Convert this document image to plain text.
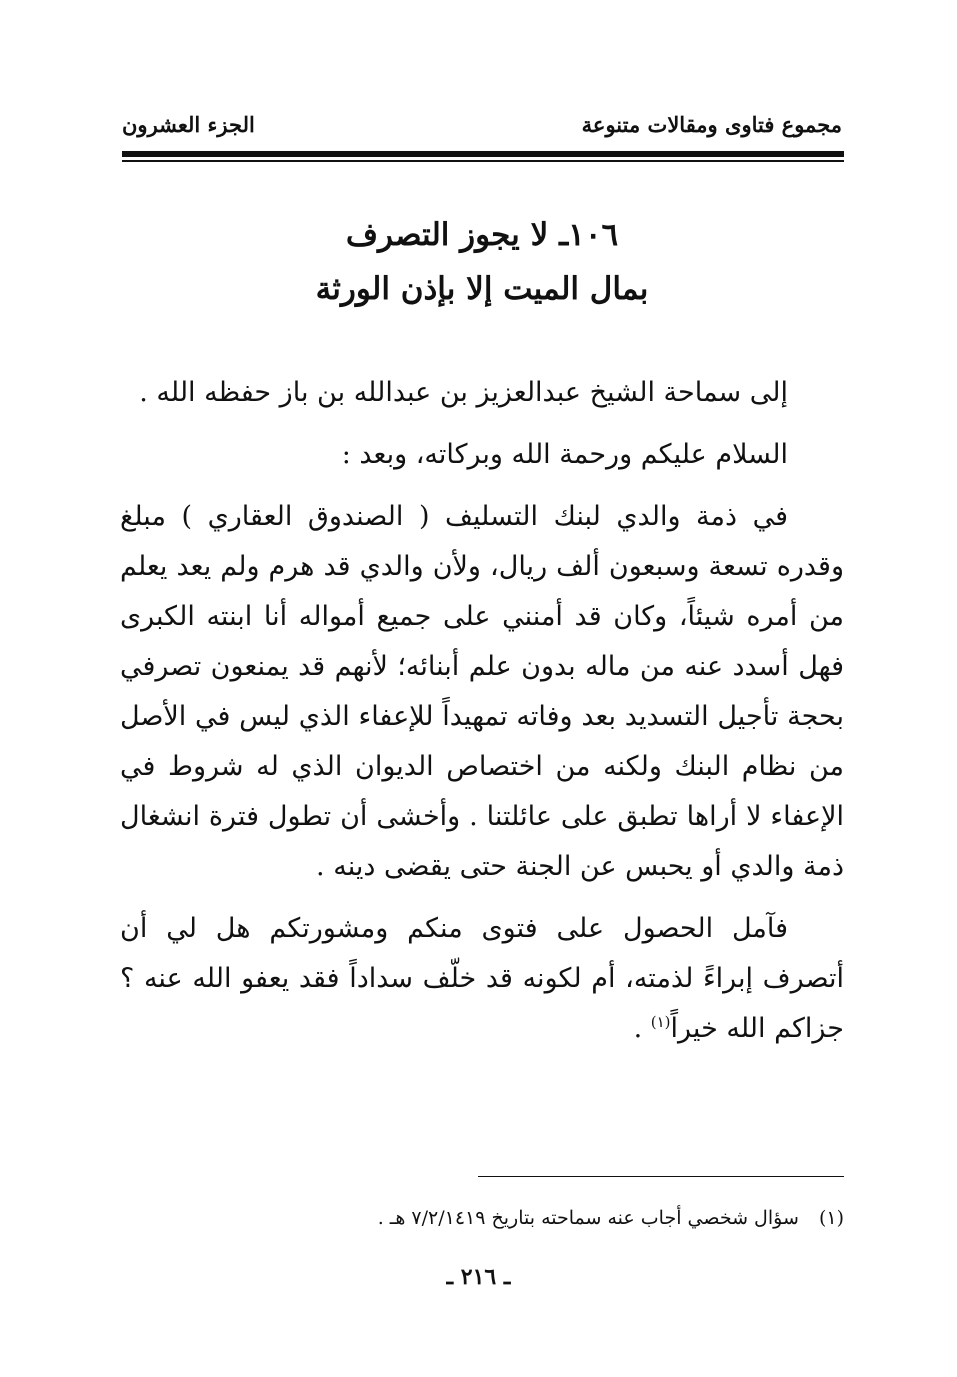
مجموع فتاوى ومقالات متنوعة
الجزء العشرون
١٠٦ـ لا يجوز التصرف
بمال الميت إلا بإذن الورثة

إلى سماحة الشيخ عبدالعزيز بن عبدالله بن باز حفظه الله .

السلام عليكم ورحمة الله وبركاته، وبعد :

في ذمة والدي لبنك التسليف ( الصندوق العقاري ) مبلغ وقدره تسعة وسبعون ألف ريال، ولأن والدي قد هرم ولم يعد يعلم من أمره شيئاً، وكان قد أمنني على جميع أمواله أنا ابنته الكبرى فهل أسدد عنه من ماله بدون علم أبنائه؛ لأنهم قد يمنعون تصرفي بحجة تأجيل التسديد بعد وفاته تمهيداً للإعفاء الذي ليس في الأصل من نظام البنك ولكنه من اختصاص الديوان الذي له شروط في الإعفاء لا أراها تطبق على عائلتنا . وأخشى أن تطول فترة انشغال ذمة والدي أو يحبس عن الجنة حتى يقضى دينه .

فآمل الحصول على فتوى منكم ومشورتكم هل لي أن أتصرف إبراءً لذمته، أم لكونه قد خلّف سداداً فقد يعفو الله عنه ؟ جزاكم الله خيراً$^{(١)}$ .

(١) سؤال شخصي أجاب عنه سماحته بتاريخ ٧/٢/١٤١٩ هـ .
ـ ٢١٦ ـ
